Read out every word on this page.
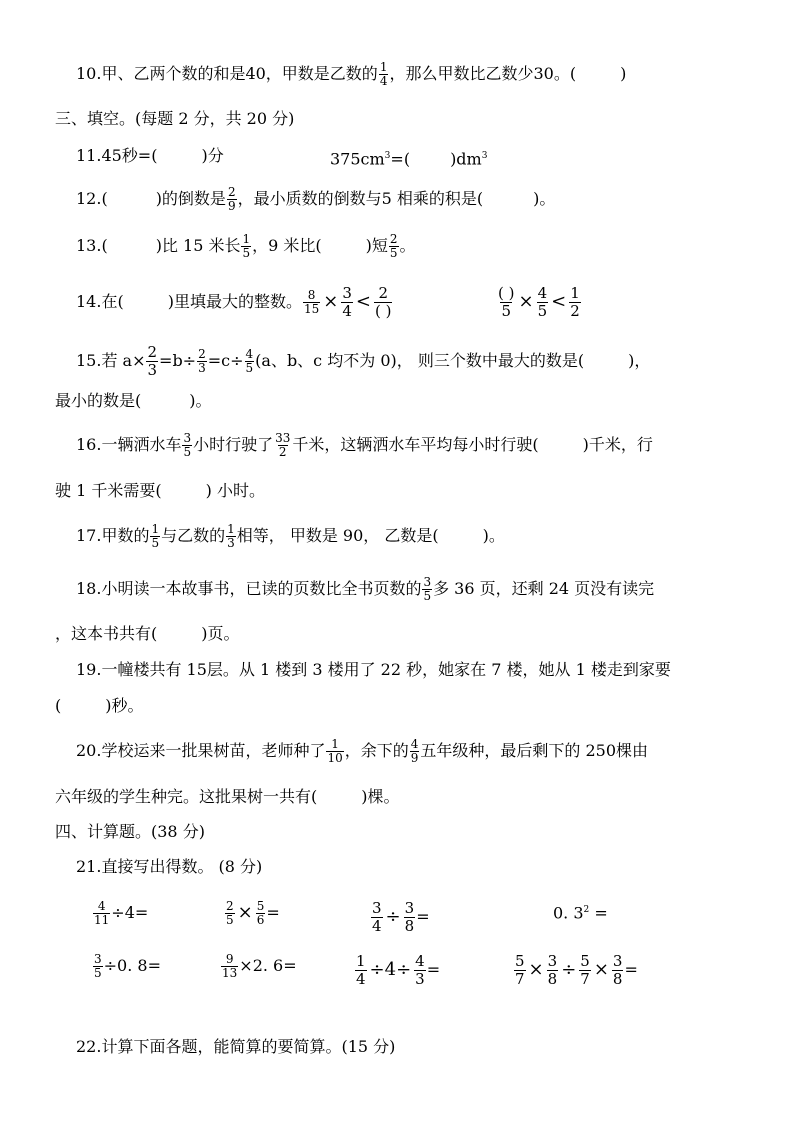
10.甲、乙两个数的和是40，甲数是乙数的 $\frac{1}{4}$ ，那么甲数比乙数少30。(	)
三、填空。(每题 2 分，共 20 分)
11.45秒=(	)分	$375cm^3=$(	)$dm^3$
12.(	)的倒数是 $\frac{2}{9}$ ，最小质数的倒数与5 相乘的积是(	)。
13.(	)比 15 米长 $\frac{1}{5}$ ，9 米比(	)短 $\frac{2}{5}$ 。
14.在(	)里填最大的整数。 $\frac{8}{15} \times \frac{3}{4} < 2$
( )
( )
$5 \times \frac{4}{5} < \frac{1}{2}$
15.若 $a\times \frac{2}{3} =b\div \frac{2}{3} =c\div \frac{4}{5} (a$、b、c 均不为 0)， 则三个数中最大的数是(	)，
最小的数是(	)。
16.一辆洒水车 $\frac{3}{5}$ 小时行驶了 $\frac{33}{2}$ 千米，这辆洒水车平均每小时行驶(	)千米，行
驶 1 千米需要(	) 小时。
17.甲数的 $\frac{1}{5}$ 与乙数的 $\frac{1}{3}$ 相等， 甲数是 90， 乙数是(	)。
18.小明读一本故事书，已读的页数比全书页数的 $\frac{3}{5}$ 多 36 页，还剩 24 页没有读完
，这本书共有(	)页。
19.一幢楼共有 15层。从 1 楼到 3 楼用了 22 秒，她家在 7 楼，她从 1 楼走到家要
(	)秒。
20.学校运来一批果树苗，老师种了 $\frac{1}{10}$ ，余下的 $\frac{4}{9}$ 五年级种，最后剩下的 250棵由
六年级的学生种完。这批果树一共有(	)棵。
四、计算题。(38 分)
21.直接写出得数。 (8 分)
$\frac{4}{11} \div 4=$	$\frac{2}{5} \times \frac{5}{6}$ =	$\frac{3}{4} \div \frac{3}{8}$ =	0. $3^2$ =
$\frac{3}{5} \div 0$. 8=	$\frac{9}{13} \times 2$. 6=	$\frac{1}{4} \div 4\div \frac{4}{3}$ =	$\frac{5}{7} \times \frac{3}{8} \div \frac{5}{7} \times \frac{3}{8}$ =
22.计算下面各题，能简算的要简算。(15 分)
